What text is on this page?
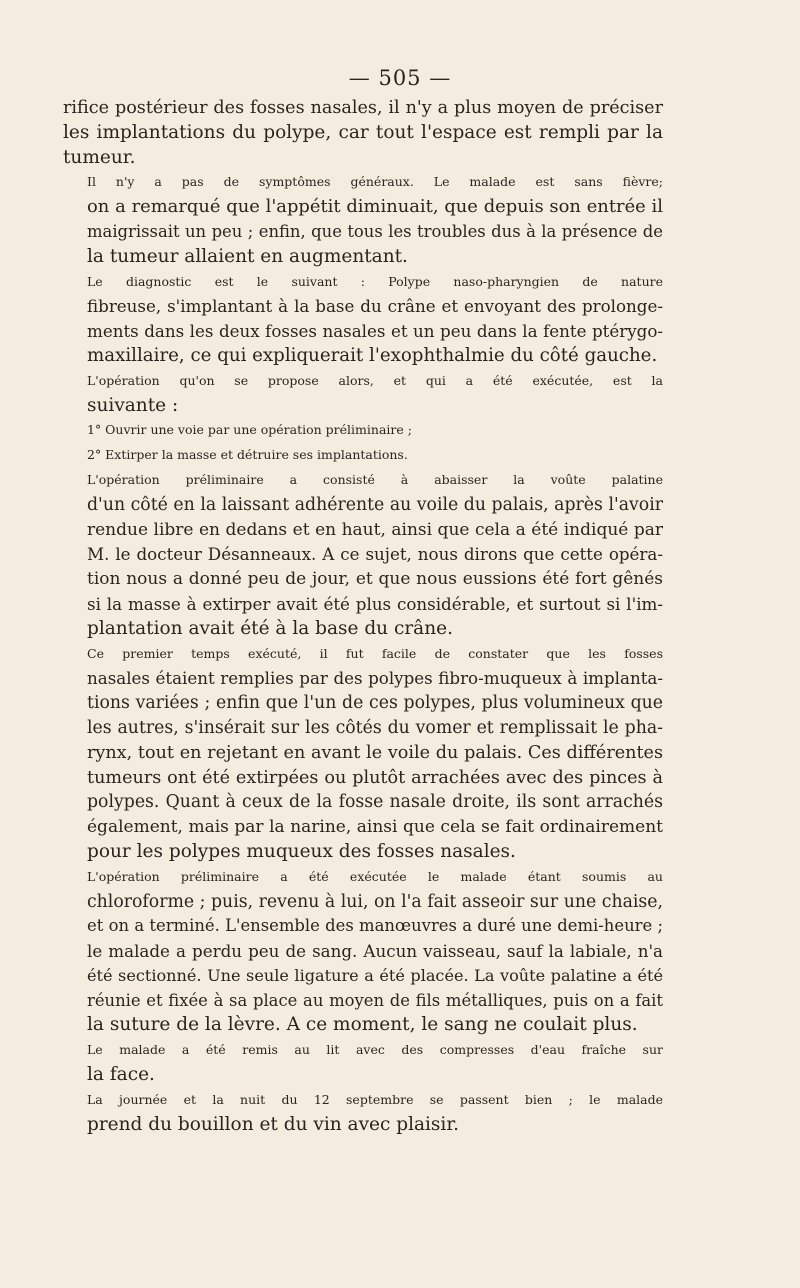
— 505 —

rifice postérieur des fosses nasales, il n'y a plus moyen de préciser
les implantations du polype, car tout l'espace est rempli par la
tumeur.

Il n'y a pas de symptômes généraux. Le malade est sans fièvre;
on a remarqué que l'appétit diminuait, que depuis son entrée il
maigrissait un peu ; enfin, que tous les troubles dus à la présence de
la tumeur allaient en augmentant.

Le diagnostic est le suivant : Polype naso-pharyngien de nature
fibreuse, s'implantant à la base du crâne et envoyant des prolonge-
ments dans les deux fosses nasales et un peu dans la fente ptérygo-
maxillaire, ce qui expliquerait l'exophthalmie du côté gauche.

L'opération qu'on se propose alors, et qui a été exécutée, est la
suivante :

1° Ouvrir une voie par une opération préliminaire ;

2° Extirper la masse et détruire ses implantations.

L'opération préliminaire a consisté à abaisser la voûte palatine
d'un côté en la laissant adhérente au voile du palais, après l'avoir
rendue libre en dedans et en haut, ainsi que cela a été indiqué par
M. le docteur Désanneaux. A ce sujet, nous dirons que cette opéra-
tion nous a donné peu de jour, et que nous eussions été fort gênés
si la masse à extirper avait été plus considérable, et surtout si l'im-
plantation avait été à la base du crâne.

Ce premier temps exécuté, il fut facile de constater que les fosses
nasales étaient remplies par des polypes fibro-muqueux à implanta-
tions variées ; enfin que l'un de ces polypes, plus volumineux que
les autres, s'insérait sur les côtés du vomer et remplissait le pha-
rynx, tout en rejetant en avant le voile du palais. Ces différentes
tumeurs ont été extirpées ou plutôt arrachées avec des pinces à
polypes. Quant à ceux de la fosse nasale droite, ils sont arrachés
également, mais par la narine, ainsi que cela se fait ordinairement
pour les polypes muqueux des fosses nasales.

L'opération préliminaire a été exécutée le malade étant soumis au
chloroforme ; puis, revenu à lui, on l'a fait asseoir sur une chaise,
et on a terminé. L'ensemble des manœuvres a duré une demi-heure ;
le malade a perdu peu de sang. Aucun vaisseau, sauf la labiale, n'a
été sectionné. Une seule ligature a été placée. La voûte palatine a été
réunie et fixée à sa place au moyen de fils métalliques, puis on a fait
la suture de la lèvre. A ce moment, le sang ne coulait plus.

Le malade a été remis au lit avec des compresses d'eau fraîche sur
la face.

La journée et la nuit du 12 septembre se passent bien ; le malade
prend du bouillon et du vin avec plaisir.
